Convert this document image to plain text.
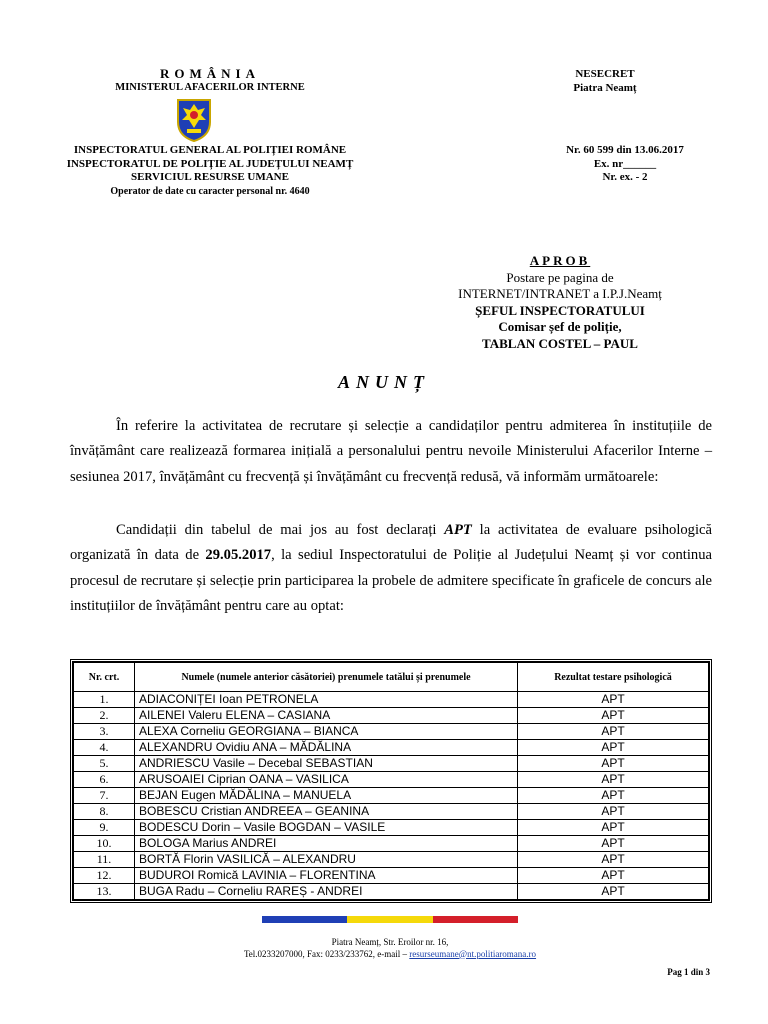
ROMÂNIA
MINISTERUL AFACERILOR INTERNE
INSPECTORATUL GENERAL AL POLIȚIEI ROMÂNE
INSPECTORATUL DE POLIȚIE AL JUDEȚULUI NEAMȚ
SERVICIUL RESURSE UMANE
Operator de date cu caracter personal nr. 4640
NESECRET
Piatra Neamț
Nr. 60 599 din 13.06.2017
Ex. nr______
Nr. ex. - 2
APROB
Postare pe pagina de
INTERNET/INTRANET a I.P.J.Neamț
ȘEFUL INSPECTORATULUI
Comisar șef de poliție,
TABLAN COSTEL – PAUL
ANUNȚ
În referire la activitatea de recrutare și selecție a candidaților pentru admiterea în instituțiile de învățământ care realizează formarea inițială a personalului pentru nevoile Ministerului Afacerilor Interne – sesiunea 2017, învățământ cu frecvență și învățământ cu frecvență redusă, vă informăm următoarele:
Candidații din tabelul de mai jos au fost declarați APT la activitatea de evaluare psihologică organizată în data de 29.05.2017, la sediul Inspectoratului de Poliție al Județului Neamț și vor continua procesul de recrutare și selecție prin participarea la probele de admitere specificate în graficele de concurs ale instituțiilor de învățământ pentru care au optat:
Nr. crt.	Numele (numele anterior căsătoriei) prenumele tatălui și prenumele	Rezultat testare psihologică
1.	ADIACONIȚEI Ioan PETRONELA	APT
2.	AILENEI Valeru ELENA – CASIANA	APT
3.	ALEXA Corneliu GEORGIANA – BIANCA	APT
4.	ALEXANDRU Ovidiu ANA – MĂDĂLINA	APT
5.	ANDRIESCU Vasile – Decebal SEBASTIAN	APT
6.	ARUSOAIEI Ciprian OANA – VASILICA	APT
7.	BEJAN Eugen MĂDĂLINA – MANUELA	APT
8.	BOBESCU Cristian ANDREEA – GEANINA	APT
9.	BODESCU Dorin – Vasile BOGDAN – VASILE	APT
10.	BOLOGA Marius ANDREI	APT
11.	BORTĂ Florin VASILICĂ – ALEXANDRU	APT
12.	BUDUROI Romică LAVINIA – FLORENTINA	APT
13.	BUGA Radu – Corneliu RAREȘ - ANDREI	APT
Piatra Neamț, Str. Eroilor nr. 16,
Tel.0233207000, Fax: 0233/233762, e-mail – resurseumane@nt.politiaromana.ro
Pag 1 din 3
